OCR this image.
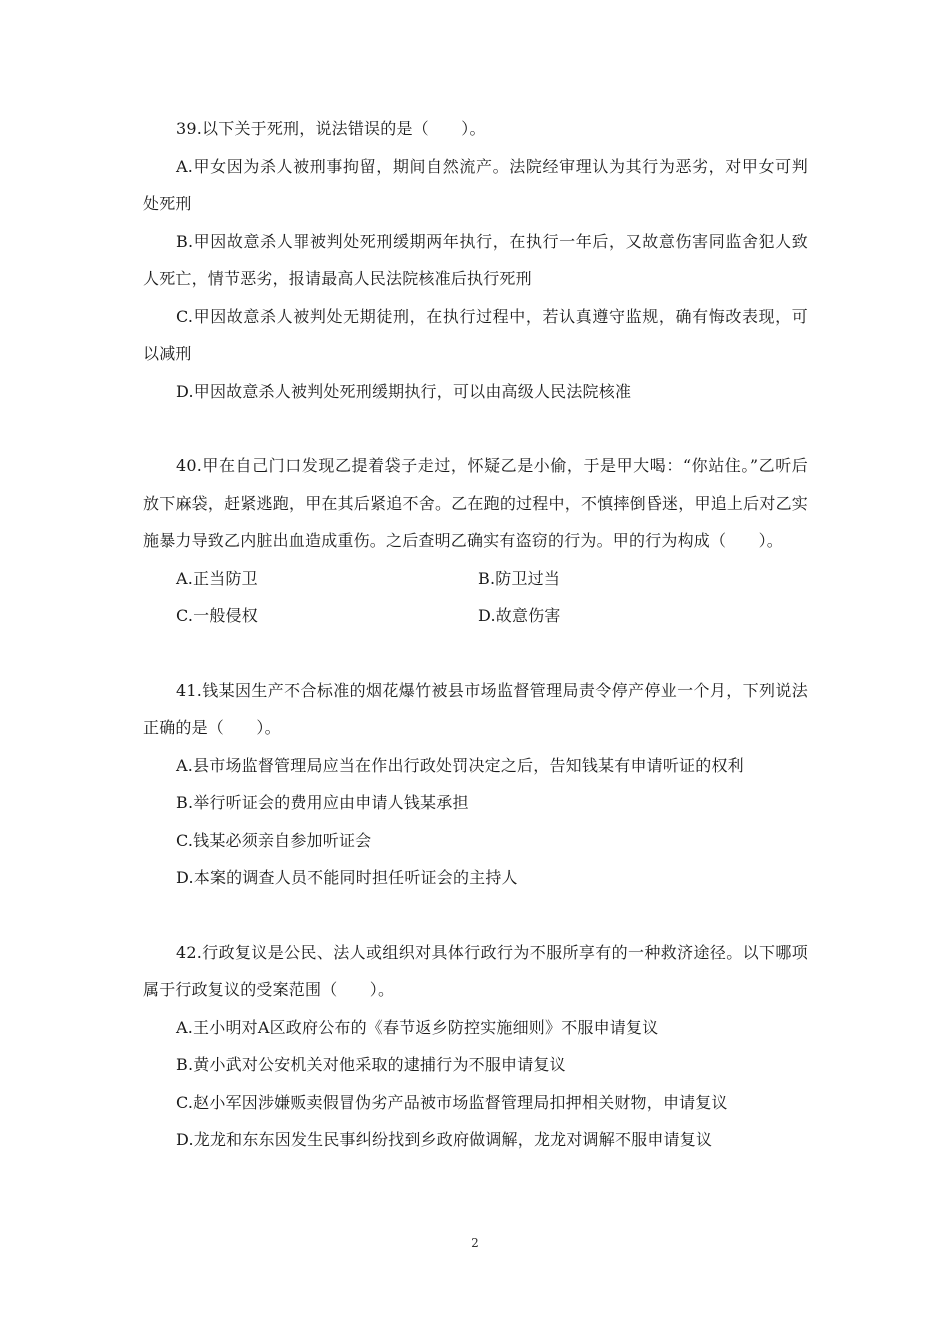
39.以下关于死刑，说法错误的是（　　）。

A.甲女因为杀人被刑事拘留，期间自然流产。法院经审理认为其行为恶劣，对甲女可判处死刑

B.甲因故意杀人罪被判处死刑缓期两年执行，在执行一年后，又故意伤害同监舍犯人致人死亡，情节恶劣，报请最高人民法院核准后执行死刑

C.甲因故意杀人被判处无期徒刑，在执行过程中，若认真遵守监规，确有悔改表现，可以减刑

D.甲因故意杀人被判处死刑缓期执行，可以由高级人民法院核准

40.甲在自己门口发现乙提着袋子走过，怀疑乙是小偷，于是甲大喝：“你站住。”乙听后放下麻袋，赶紧逃跑，甲在其后紧追不舍。乙在跑的过程中，不慎摔倒昏迷，甲追上后对乙实施暴力导致乙内脏出血造成重伤。之后查明乙确实有盗窃的行为。甲的行为构成（　　）。

A.正当防卫	B.防卫过当

C.一般侵权	D.故意伤害

41.钱某因生产不合标准的烟花爆竹被县市场监督管理局责令停产停业一个月，下列说法正确的是（　　）。

A.县市场监督管理局应当在作出行政处罚决定之后，告知钱某有申请听证的权利

B.举行听证会的费用应由申请人钱某承担

C.钱某必须亲自参加听证会

D.本案的调查人员不能同时担任听证会的主持人

42.行政复议是公民、法人或组织对具体行政行为不服所享有的一种救济途径。以下哪项属于行政复议的受案范围（　　）。

A.王小明对A区政府公布的《春节返乡防控实施细则》不服申请复议

B.黄小武对公安机关对他采取的逮捕行为不服申请复议

C.赵小军因涉嫌贩卖假冒伪劣产品被市场监督管理局扣押相关财物，申请复议

D.龙龙和东东因发生民事纠纷找到乡政府做调解，龙龙对调解不服申请复议

2
